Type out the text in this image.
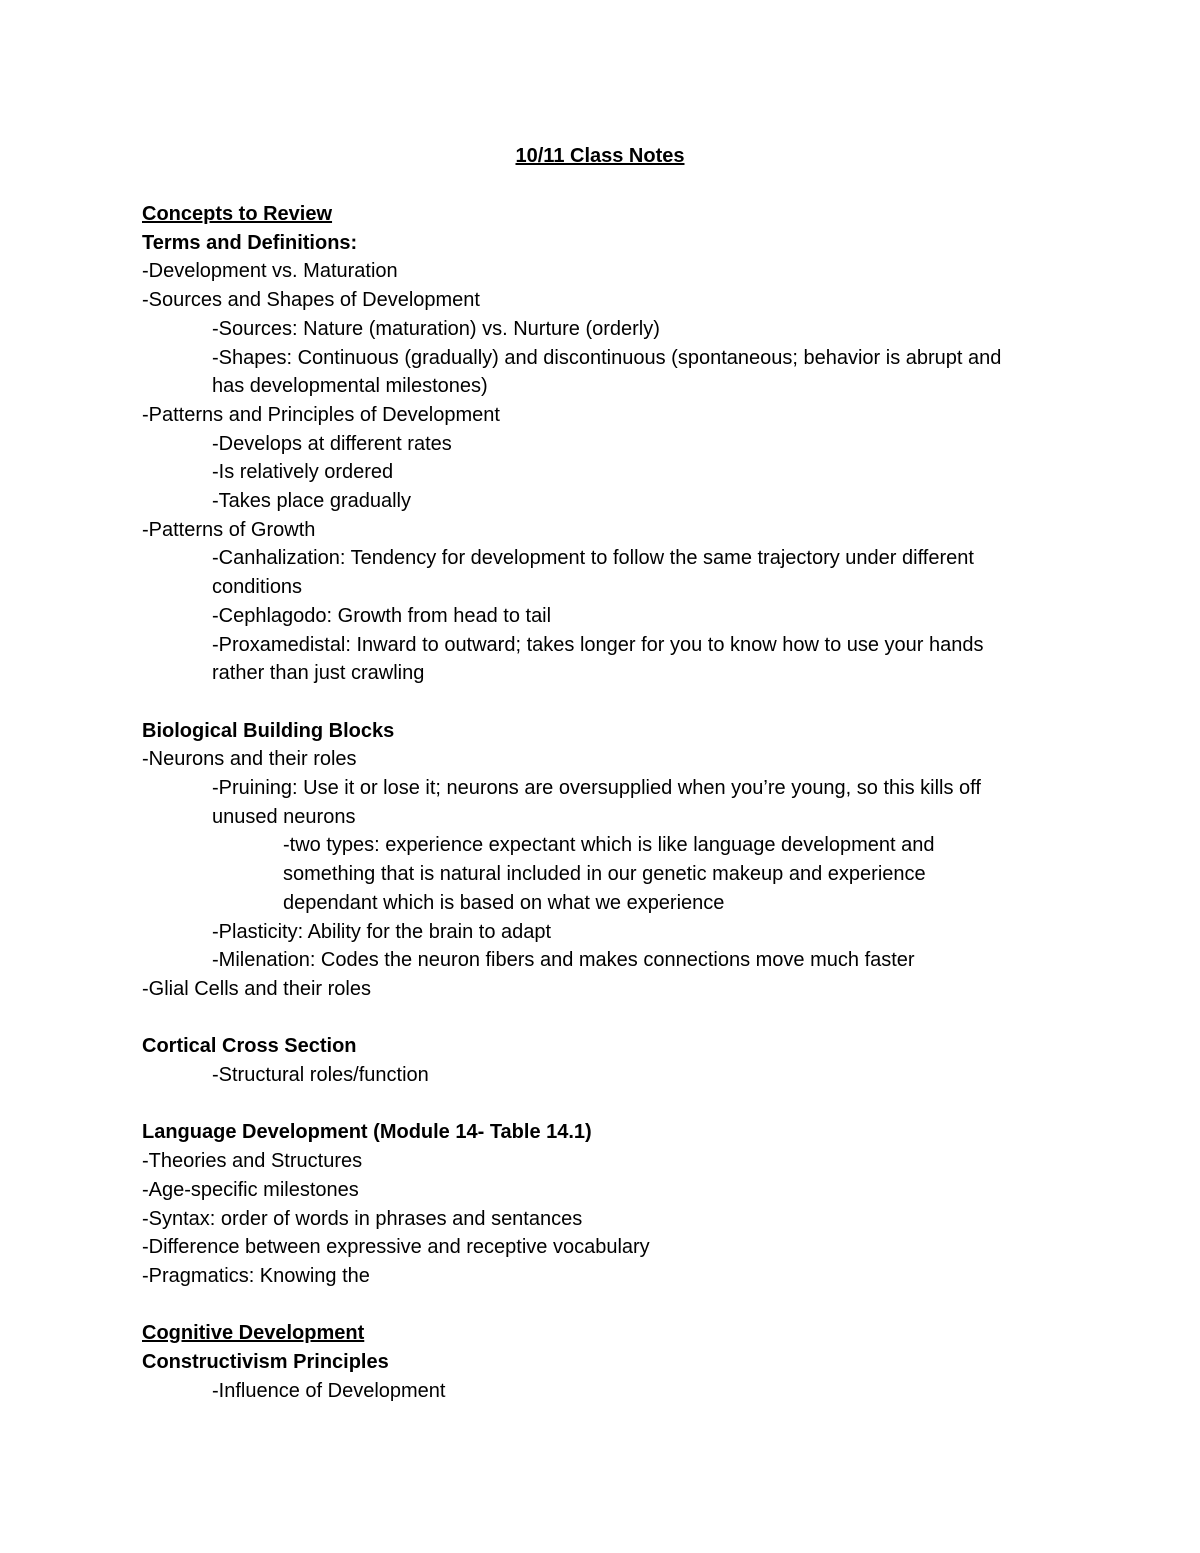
10/11 Class Notes

Concepts to Review

Terms and Definitions:

-Development vs. Maturation

-Sources and Shapes of Development

-Sources: Nature (maturation) vs. Nurture (orderly)

-Shapes: Continuous (gradually) and discontinuous (spontaneous; behavior is abrupt and

has developmental milestones)

-Patterns and Principles of Development

-Develops at different rates

-Is relatively ordered

-Takes place gradually

-Patterns of Growth

-Canhalization: Tendency for development to follow the same trajectory under different

conditions

-Cephlagodo: Growth from head to tail

-Proxamedistal: Inward to outward; takes longer for you to know how to use your hands

rather than just crawling

Biological Building Blocks

-Neurons and their roles

-Pruining: Use it or lose it; neurons are oversupplied when you’re young, so this kills off

unused neurons

-two types: experience expectant which is like language development and

something that is natural included in our genetic makeup and experience

dependant which is based on what we experience

-Plasticity: Ability for the brain to adapt

-Milenation: Codes the neuron fibers and makes connections move much faster

-Glial Cells and their roles

Cortical Cross Section

-Structural roles/function

Language Development (Module 14- Table 14.1)

-Theories and Structures

-Age-specific milestones

-Syntax: order of words in phrases and sentances

-Difference between expressive and receptive vocabulary

-Pragmatics: Knowing the

Cognitive Development

Constructivism Principles

-Influence of Development
